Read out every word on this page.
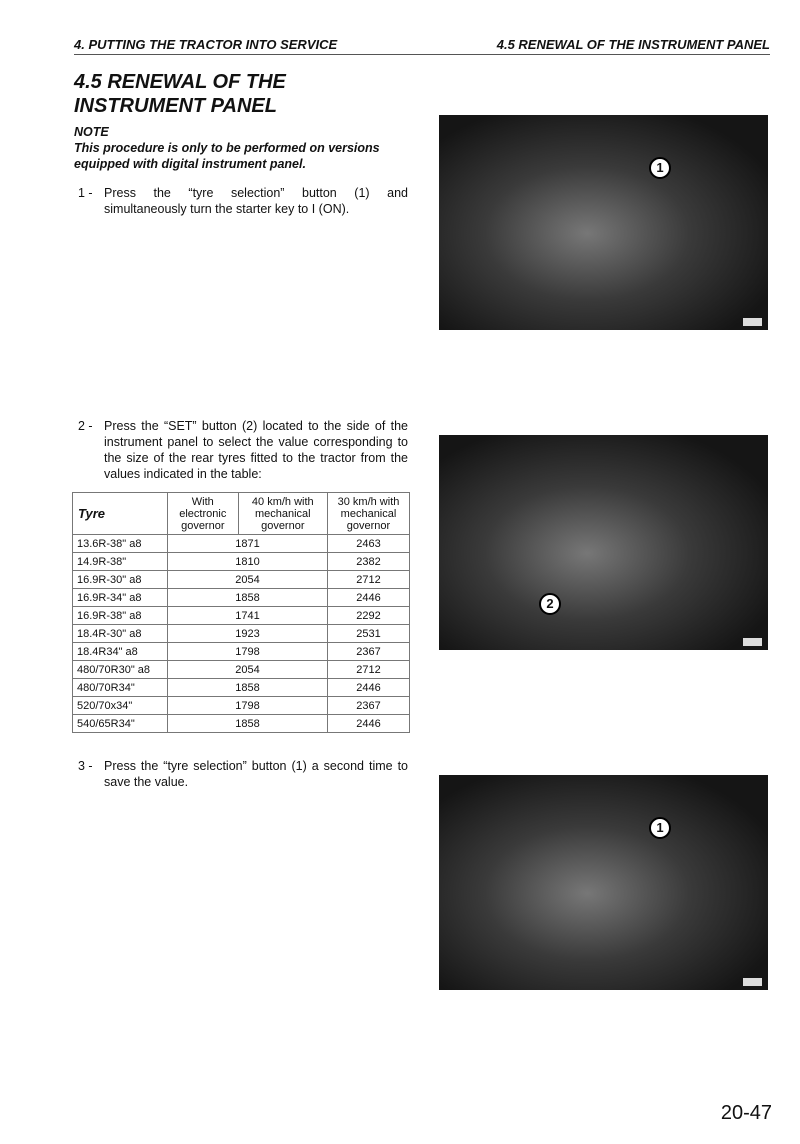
4. PUTTING THE TRACTOR INTO SERVICE	4.5 RENEWAL OF THE INSTRUMENT PANEL
4.5 RENEWAL OF THE INSTRUMENT PANEL
NOTE
This procedure is only to be performed on versions equipped with digital instrument panel.
1 - Press the “tyre selection” button (1) and simultaneously turn the starter key to I (ON).
2 - Press the “SET” button (2) located to the side of the instrument panel to select the value corresponding to the size of the rear tyres fitted to the tractor from the values indicated in the table:
Tyre	With electronic governor	40 km/h with mechanical governor	30 km/h with mechanical governor
13.6R-38" a8	1871		2463
14.9R-38"	1810		2382
16.9R-30" a8	2054		2712
16.9R-34" a8	1858		2446
16.9R-38" a8	1741		2292
18.4R-30" a8	1923		2531
18.4R34" a8	1798		2367
480/70R30" a8	2054		2712
480/70R34"	1858		2446
520/70x34"	1798		2367
540/65R34"	1858		2446
3 - Press the “tyre selection” button (1) a second time to save the value.
1

2

1

20-47
